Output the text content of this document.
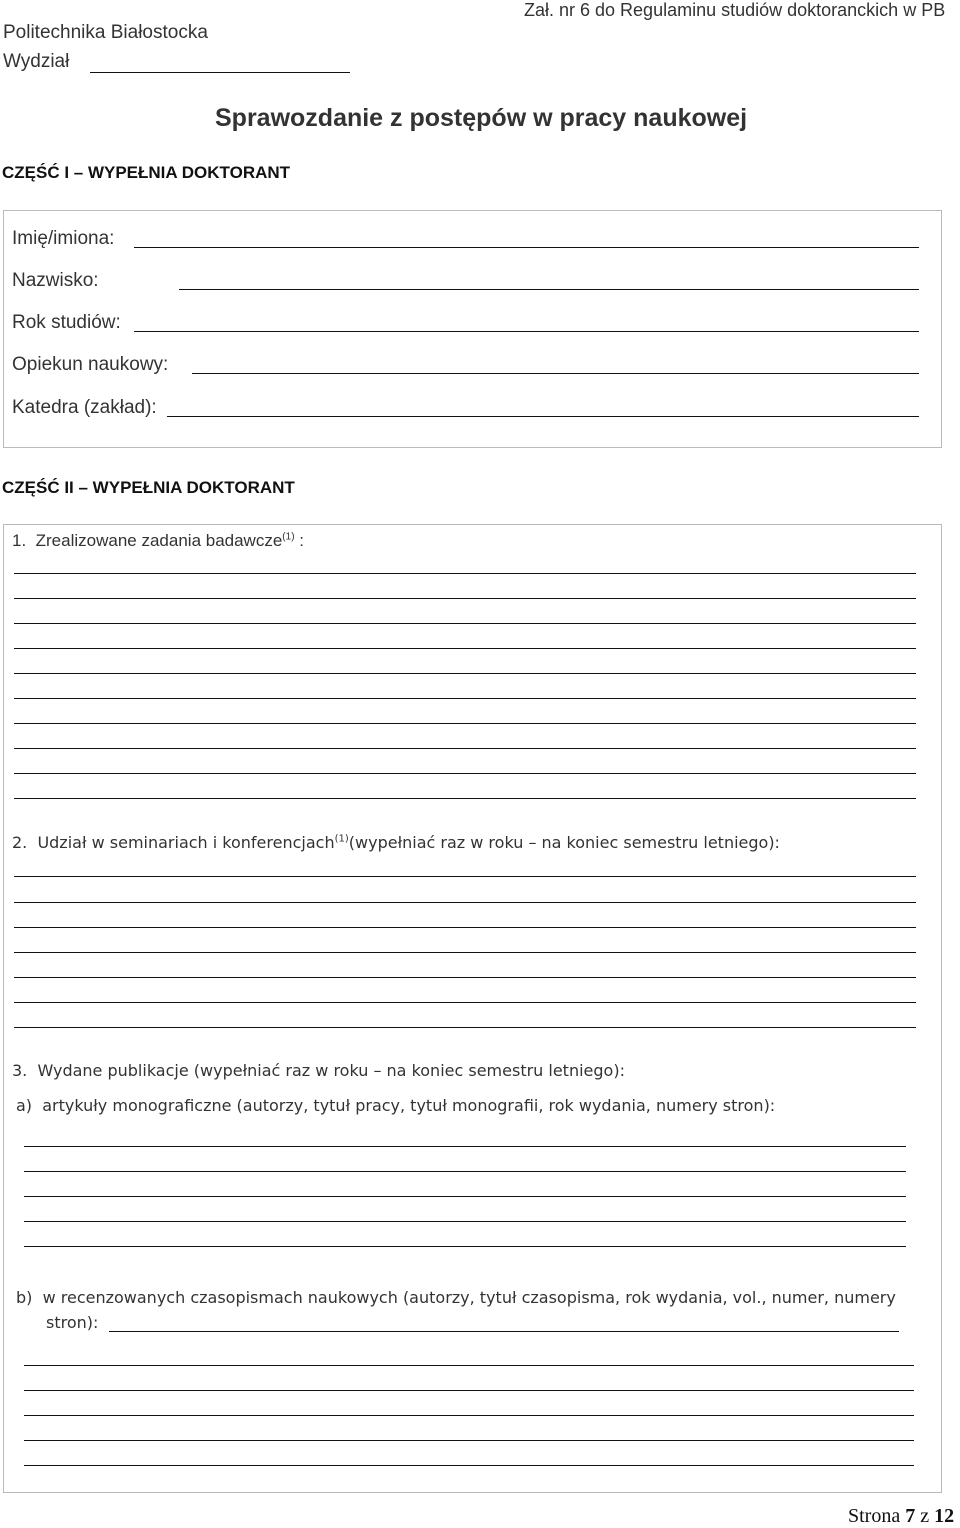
Politechnika Białostocka
Wydział
Zał. nr 6 do Regulaminu studiów doktoranckich w PB
Sprawozdanie z postępów w pracy naukowej
CZĘŚĆ I – WYPEŁNIA DOKTORANT
Imię/imiona:
Nazwisko:
Rok studiów:
Opiekun naukowy:
Katedra (zakład):
CZĘŚĆ II – WYPEŁNIA DOKTORANT
1. Zrealizowane zadania badawcze$^{(1)}$ :
2. Udział w seminariach i konferencjach$^{(1)}$(wypełniać raz w roku – na koniec semestru letniego):
3. Wydane publikacje (wypełniać raz w roku – na koniec semestru letniego):
a) artykuły monograficzne (autorzy, tytuł pracy, tytuł monografii, rok wydania, numery stron):
b) w recenzowanych czasopismach naukowych (autorzy, tytuł czasopisma, rok wydania, vol., numer, numery
stron):
Strona 7 z 12
